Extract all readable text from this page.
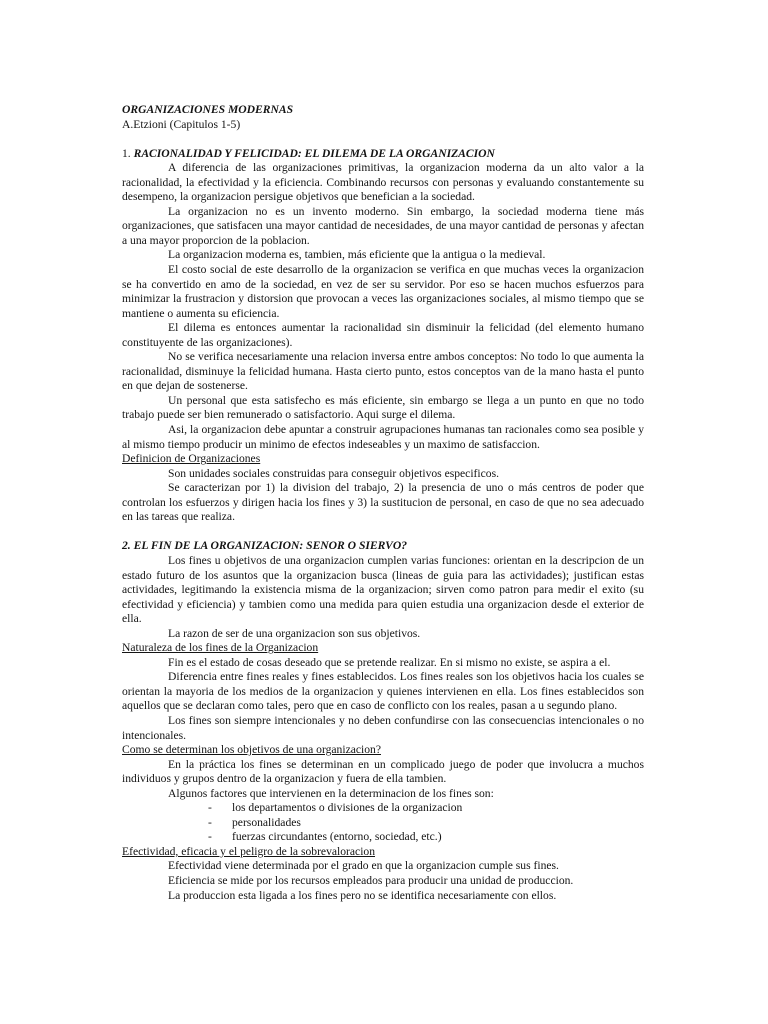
ORGANIZACIONES MODERNAS

A.Etzioni (Capitulos 1-5)

1. RACIONALIDAD Y FELICIDAD: EL DILEMA DE LA ORGANIZACION

A diferencia de las organizaciones primitivas, la organizacion moderna da un alto valor a la racionalidad, la efectividad y la eficiencia. Combinando recursos con personas y evaluando constantemente su desempeno, la organizacion persigue objetivos que benefician a la sociedad.

La organizacion no es un invento moderno. Sin embargo, la sociedad moderna tiene más organizaciones, que satisfacen una mayor cantidad de necesidades, de una mayor cantidad de personas y afectan a una mayor proporcion de la poblacion.

La organizacion moderna es, tambien, más eficiente que la antigua o la medieval.

El costo social de este desarrollo de la organizacion se verifica en que muchas veces la organizacion se ha convertido en amo de la sociedad, en vez de ser su servidor. Por eso se hacen muchos esfuerzos para minimizar la frustracion y distorsion que provocan a veces las organizaciones sociales, al mismo tiempo que se mantiene o aumenta su eficiencia.

El dilema es entonces aumentar la racionalidad sin disminuir la felicidad (del elemento humano constituyente de las organizaciones).

No se verifica necesariamente una relacion inversa entre ambos conceptos: No todo lo que aumenta la racionalidad, disminuye la felicidad humana. Hasta cierto punto, estos conceptos van de la mano hasta el punto en que dejan de sostenerse.

Un personal que esta satisfecho es más eficiente, sin embargo se llega a un punto en que no todo trabajo puede ser bien remunerado o satisfactorio. Aqui surge el dilema.

Asi, la organizacion debe apuntar a construir agrupaciones humanas tan racionales como sea posible y al mismo tiempo producir un minimo de efectos indeseables y un maximo de satisfaccion.

Definicion de Organizaciones

Son unidades sociales construidas para conseguir objetivos especificos.

Se caracterizan por 1) la division del trabajo, 2) la presencia de uno o más centros de poder que controlan los esfuerzos y dirigen hacia los fines y 3) la sustitucion de personal, en caso de que no sea adecuado en las tareas que realiza.

2. EL FIN DE LA ORGANIZACION: SENOR O SIERVO?

Los fines u objetivos de una organizacion cumplen varias funciones: orientan en la descripcion de un estado futuro de los asuntos que la organizacion busca (lineas de guia para las actividades); justifican estas actividades, legitimando la existencia misma de la organizacion; sirven como patron para medir el exito (su efectividad y eficiencia) y tambien como una medida para quien estudia una organizacion desde el exterior de ella.

La razon de ser de una organizacion son sus objetivos.

Naturaleza de los fines de la Organizacion

Fin es el estado de cosas deseado que se pretende realizar. En si mismo no existe, se aspira a el.

Diferencia entre fines reales y fines establecidos. Los fines reales son los objetivos hacia los cuales se orientan la mayoria de los medios de la organizacion y quienes intervienen en ella. Los fines establecidos son aquellos que se declaran como tales, pero que en caso de conflicto con los reales, pasan a u segundo plano.

Los fines son siempre intencionales y no deben confundirse con las consecuencias intencionales o no intencionales.

Como se determinan los objetivos de una organizacion?

En la práctica los fines se determinan en un complicado juego de poder que involucra a muchos individuos y grupos dentro de la organizacion y fuera de ella tambien.

Algunos factores que intervienen en la determinacion de los fines son:

- los departamentos o divisiones de la organizacion
- personalidades
- fuerzas circundantes (entorno, sociedad, etc.)

Efectividad, eficacia y el peligro de la sobrevaloracion

Efectividad viene determinada por el grado en que la organizacion cumple sus fines.

Eficiencia se mide por los recursos empleados para producir una unidad de produccion.

La produccion esta ligada a los fines pero no se identifica necesariamente con ellos.
